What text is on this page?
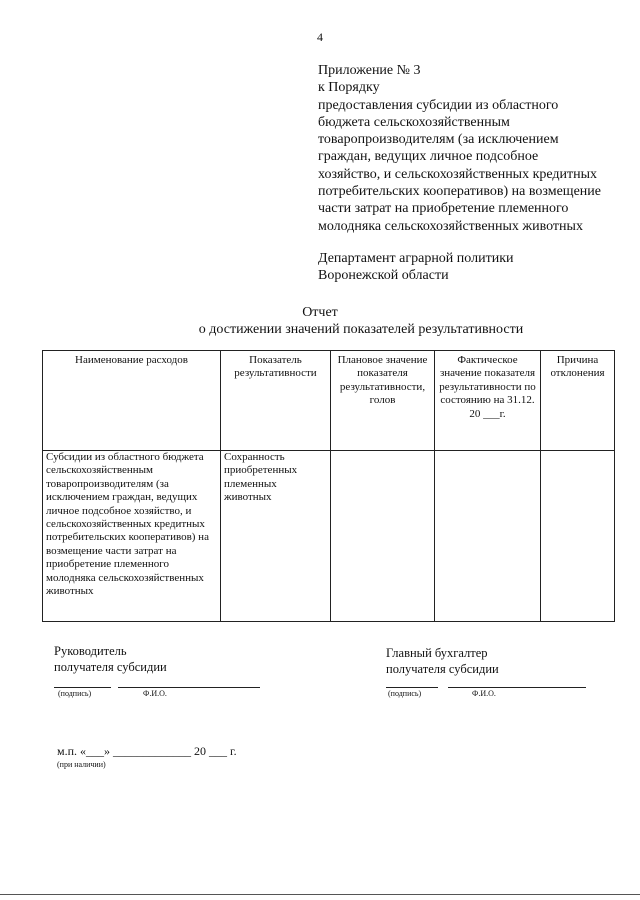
4
Приложение № 3
к Порядку
предоставления субсидии из областного
бюджета сельскохозяйственным
товаропроизводителям (за исключением
граждан, ведущих личное подсобное
хозяйство, и сельскохозяйственных кредитных
потребительских кооперативов) на возмещение
части затрат на приобретение племенного
молодняка сельскохозяйственных животных
Департамент аграрной политики
Воронежской области
Отчет
о достижении значений показателей результативности
Наименование расходов	Показатель результативности	Плановое значение показателя результативности, голов	Фактическое значение показателя результативности по состоянию на 31.12. 20 ___г.	Причина отклонения
Субсидии из областного бюджета сельскохозяйственным товаропроизводителям (за исключением граждан, ведущих личное подсобное хозяйство, и сельскохозяйственных кредитных потребительских кооперативов) на возмещение части затрат на приобретение племенного молодняка сельскохозяйственных животных	Сохранность приобретенных племенных животных			
Руководитель
получателя субсидии
(подпись)	Ф.И.О.
Главный бухгалтер
получателя субсидии
(подпись)	Ф.И.О.
м.п. «___» _____________ 20 ___ г.
(при наличии)
